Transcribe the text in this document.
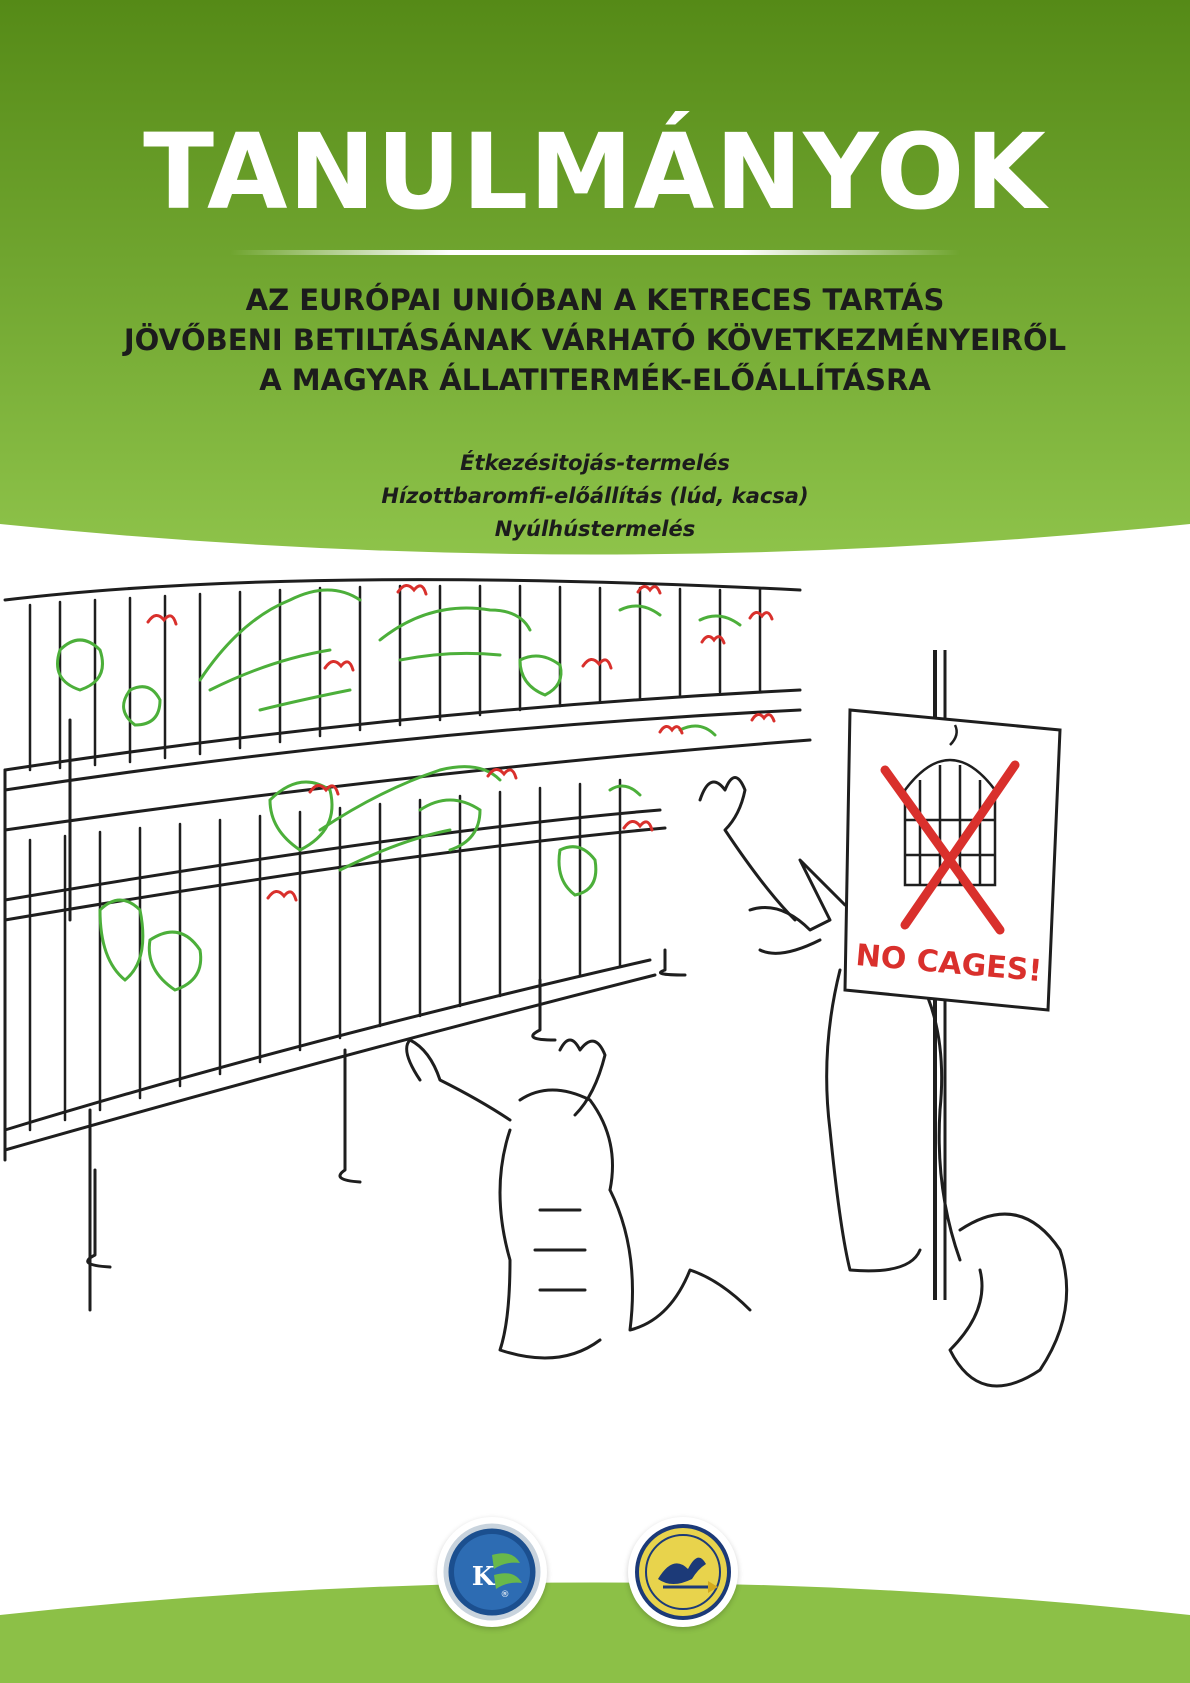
TANULMÁNYOK
AZ EURÓPAI UNIÓBAN A KETRECES TARTÁS
JÖVŐBENI BETILTÁSÁNAK VÁRHATÓ KÖVETKEZMÉNYEIRŐL
A MAGYAR ÁLLATITERMÉK-ELŐÁLLÍTÁSRA
Étkezésitojás-termelés
Hízottbaromfi-előállítás (lúd, kacsa)
Nyúlhústermelés
NO CAGES!
K
®
